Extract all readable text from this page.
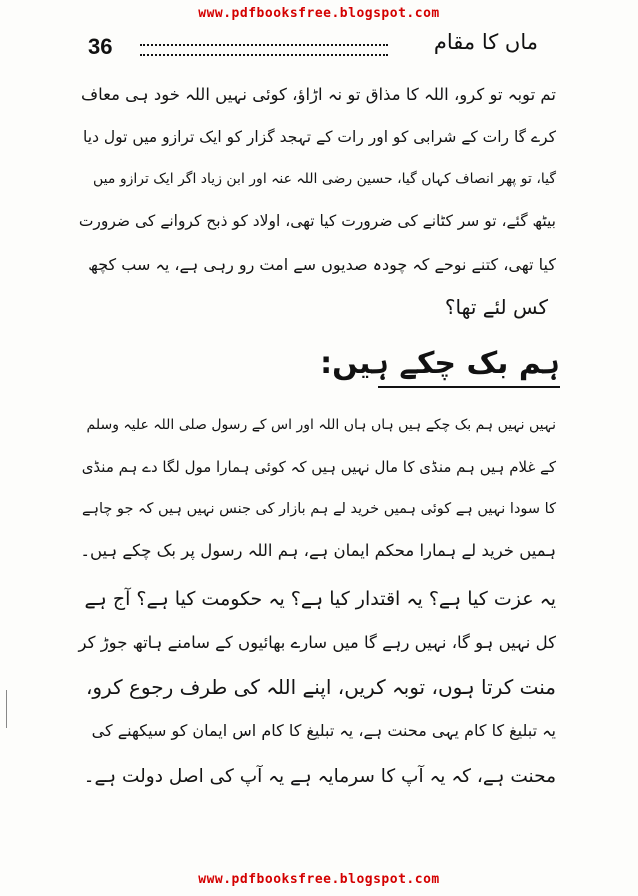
www.pdfbooksfree.blogspot.com
36	ماں کا مقام
تم توبہ تو کرو، اللہ کا مذاق تو نہ اڑاؤ، کوئی نہیں اللہ خود ہی معاف
کرے گا رات کے شرابی کو اور رات کے تہجد گزار کو ایک ترازو میں تول دیا
گیا، تو پھر انصاف کہاں گیا، حسین رضی اللہ عنہ اور ابن زیاد اگر ایک ترازو میں
بیٹھ گئے، تو سر کٹانے کی ضرورت کیا تھی، اولاد کو ذبح کروانے کی ضرورت
کیا تھی، کتنے نوحے کہ چودہ صدیوں سے امت رو رہی ہے، یہ سب کچھ
کس لئے تھا؟
ہم بک چکے ہیں:
نہیں نہیں ہم بک چکے ہیں ہاں ہاں اللہ اور اس کے رسول صلی اللہ علیہ وسلم
کے غلام ہیں ہم منڈی کا مال نہیں ہیں کہ کوئی ہمارا مول لگا دے ہم منڈی
کا سودا نہیں ہے کوئی ہمیں خرید لے ہم بازار کی جنس نہیں ہیں کہ جو چاہے
ہمیں خرید لے ہمارا محکم ایمان ہے، ہم اللہ رسول پر بک چکے ہیں۔
یہ عزت کیا ہے؟ یہ اقتدار کیا ہے؟ یہ حکومت کیا ہے؟ آج ہے
کل نہیں ہو گا، نہیں رہے گا میں سارے بھائیوں کے سامنے ہاتھ جوڑ کر
منت کرتا ہوں، توبہ کریں، اپنے اللہ کی طرف رجوع کرو،
یہ تبلیغ کا کام یہی محنت ہے، یہ تبلیغ کا کام اس ایمان کو سیکھنے کی
محنت ہے، کہ یہ آپ کا سرمایہ ہے یہ آپ کی اصل دولت ہے۔
www.pdfbooksfree.blogspot.com
